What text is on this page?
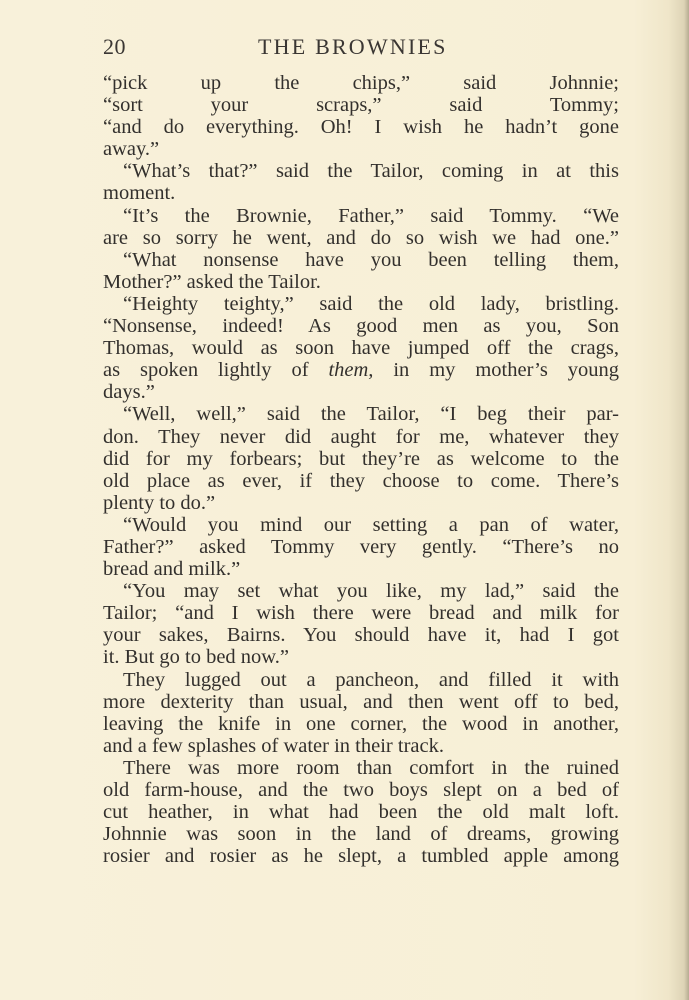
20	THE BROWNIES
“pick up the chips,” said Johnnie;
“sort your scraps,” said Tommy;
“and do everything. Oh! I wish he hadn’t gone
away.”
“What’s that?” said the Tailor, coming in at this
moment.
“It’s the Brownie, Father,” said Tommy. “We
are so sorry he went, and do so wish we had one.”
“What nonsense have you been telling them,
Mother?” asked the Tailor.
“Heighty teighty,” said the old lady, bristling.
“Nonsense, indeed! As good men as you, Son
Thomas, would as soon have jumped off the crags,
as spoken lightly of them, in my mother’s young
days.”
“Well, well,” said the Tailor, “I beg their par-
don. They never did aught for me, whatever they
did for my forbears; but they’re as welcome to the
old place as ever, if they choose to come. There’s
plenty to do.”
“Would you mind our setting a pan of water,
Father?” asked Tommy very gently. “There’s no
bread and milk.”
“You may set what you like, my lad,” said the
Tailor; “and I wish there were bread and milk for
your sakes, Bairns. You should have it, had I got
it. But go to bed now.”
They lugged out a pancheon, and filled it with
more dexterity than usual, and then went off to bed,
leaving the knife in one corner, the wood in another,
and a few splashes of water in their track.
There was more room than comfort in the ruined
old farm-house, and the two boys slept on a bed of
cut heather, in what had been the old malt loft.
Johnnie was soon in the land of dreams, growing
rosier and rosier as he slept, a tumbled apple among
